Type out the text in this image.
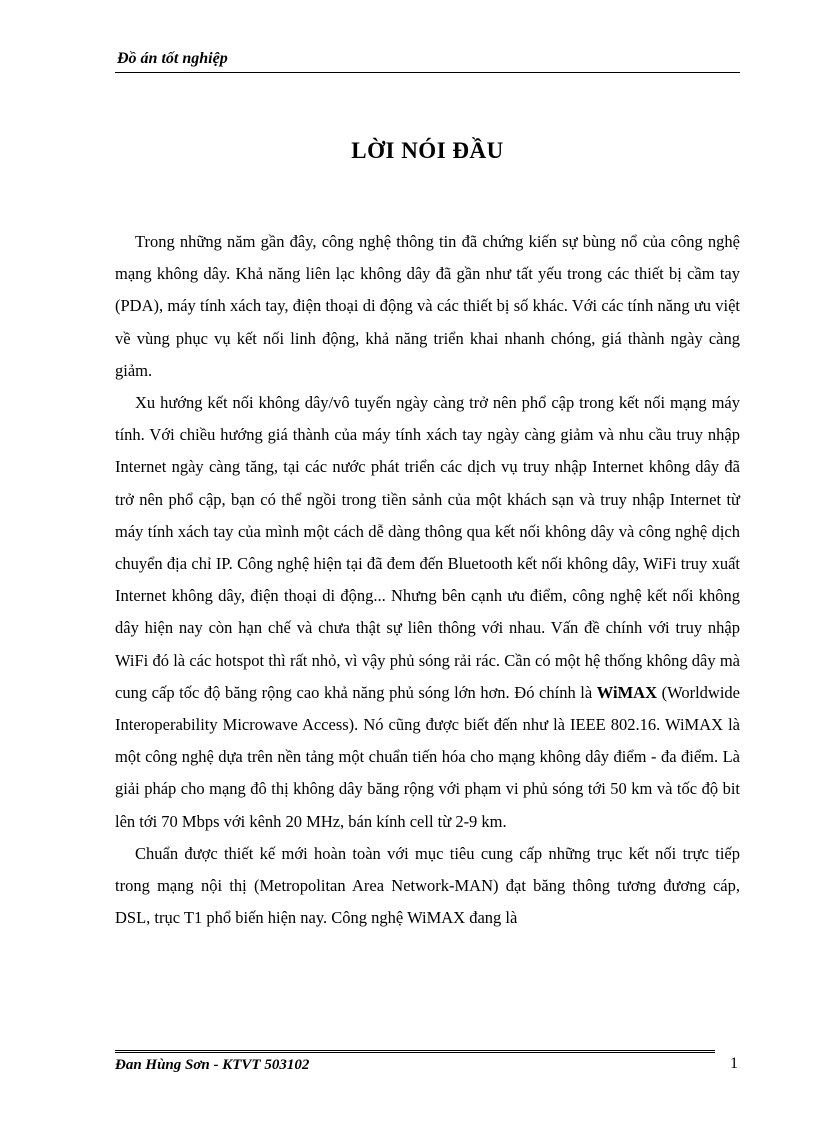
Đồ án tốt nghiệp
LỜI NÓI ĐẦU

Trong những năm gần đây, công nghệ thông tin đã chứng kiến sự bùng nổ của công nghệ mạng không dây. Khả năng liên lạc không dây đã gần như tất yếu trong các thiết bị cầm tay (PDA), máy tính xách tay, điện thoại di động và các thiết bị số khác. Với các tính năng ưu việt về vùng phục vụ kết nối linh động, khả năng triển khai nhanh chóng, giá thành ngày càng giảm.

Xu hướng kết nối không dây/vô tuyến ngày càng trở nên phổ cập trong kết nối mạng máy tính. Với chiều hướng giá thành của máy tính xách tay ngày càng giảm và nhu cầu truy nhập Internet ngày càng tăng, tại các nước phát triển các dịch vụ truy nhập Internet không dây đã trở nên phổ cập, bạn có thể ngồi trong tiền sảnh của một khách sạn và truy nhập Internet từ máy tính xách tay của mình một cách dễ dàng thông qua kết nối không dây và công nghệ dịch chuyển địa chỉ IP. Công nghệ hiện tại đã đem đến Bluetooth kết nối không dây, WiFi truy xuất Internet không dây, điện thoại di động... Nhưng bên cạnh ưu điểm, công nghệ kết nối không dây hiện nay còn hạn chế và chưa thật sự liên thông với nhau. Vấn đề chính với truy nhập WiFi đó là các hotspot thì rất nhỏ, vì vậy phủ sóng rải rác. Cần có một hệ thống không dây mà cung cấp tốc độ băng rộng cao khả năng phủ sóng lớn hơn. Đó chính là WiMAX (Worldwide Interoperability Microwave Access). Nó cũng được biết đến như là IEEE 802.16. WiMAX là một công nghệ dựa trên nền tảng một chuẩn tiến hóa cho mạng không dây điểm - đa điểm. Là giải pháp cho mạng đô thị không dây băng rộng với phạm vi phủ sóng tới 50 km và tốc độ bit lên tới 70 Mbps với kênh 20 MHz, bán kính cell từ 2-9 km.

Chuẩn được thiết kế mới hoàn toàn với mục tiêu cung cấp những trục kết nối trực tiếp trong mạng nội thị (Metropolitan Area Network-MAN) đạt băng thông tương đương cáp, DSL, trục T1 phổ biến hiện nay. Công nghệ WiMAX đang là

Đan Hùng Sơn - KTVT 503102	1
